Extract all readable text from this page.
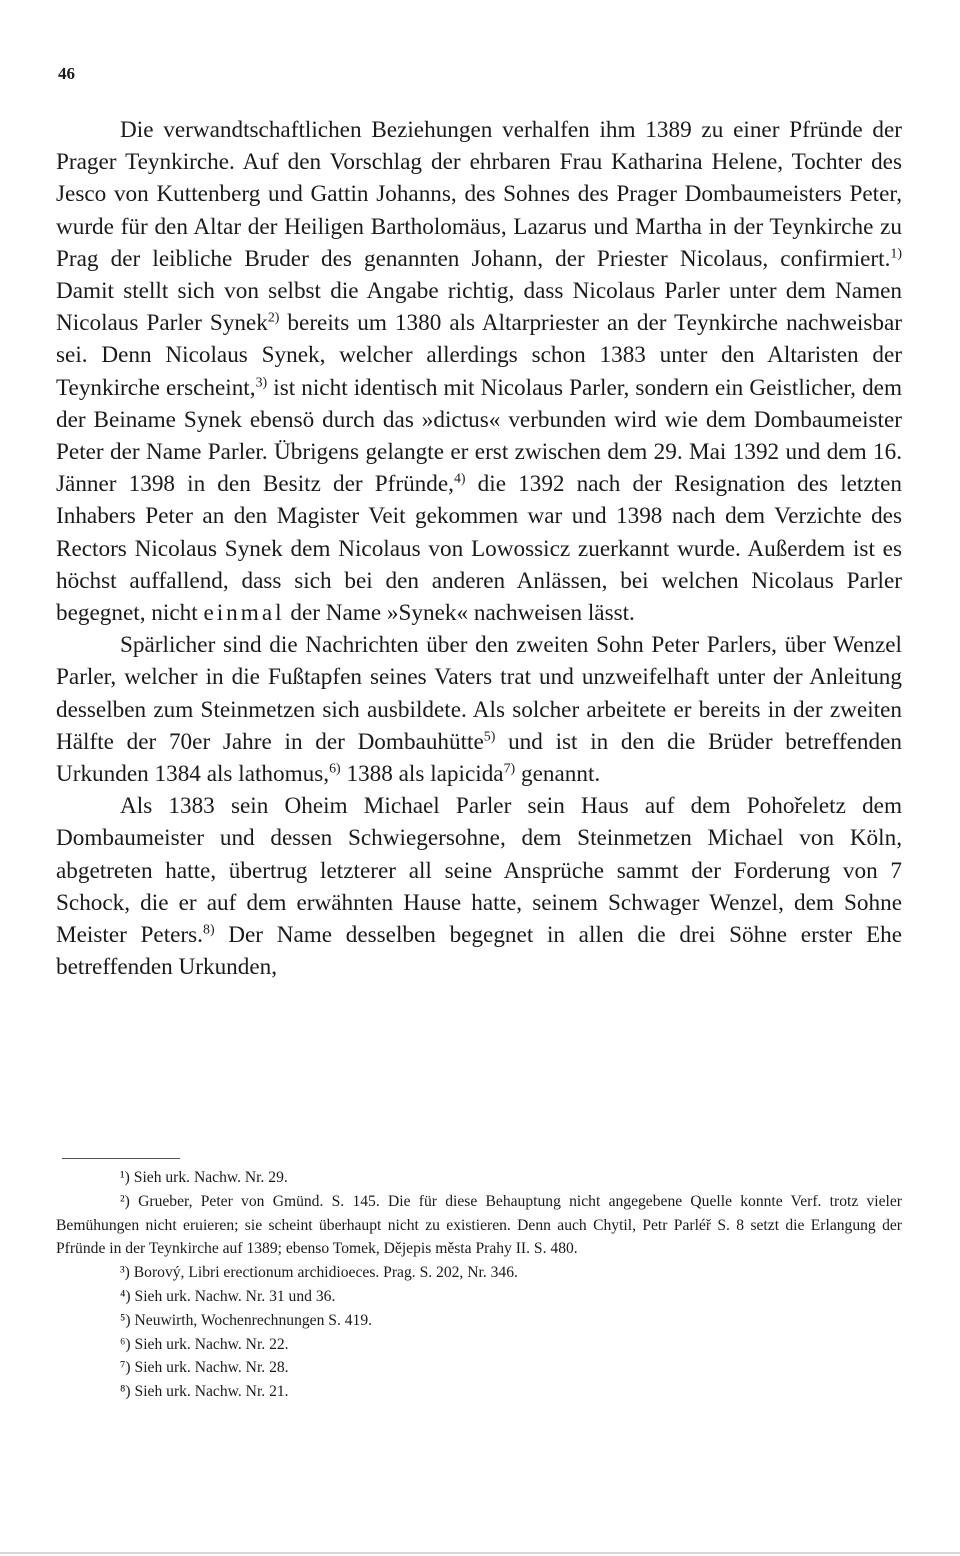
46

Die verwandtschaftlichen Beziehungen verhalfen ihm 1389 zu einer Pfründe der Prager Teynkirche. Auf den Vorschlag der ehrbaren Frau Katharina Helene, Tochter des Jesco von Kuttenberg und Gattin Johanns, des Sohnes des Prager Dombaumeisters Peter, wurde für den Altar der Heiligen Bartholomäus, Lazarus und Martha in der Teynkirche zu Prag der leibliche Bruder des genannten Johann, der Priester Nicolaus, confirmiert.$^{1)}$ Damit stellt sich von selbst die Angabe richtig, dass Nicolaus Parler unter dem Namen Nicolaus Parler Synek$^{2)}$ bereits um 1380 als Altarpriester an der Teynkirche nachweisbar sei. Denn Nicolaus Synek, welcher allerdings schon 1383 unter den Altaristen der Teynkirche erscheint,$^{3)}$ ist nicht identisch mit Nicolaus Parler, sondern ein Geistlicher, dem der Beiname Synek ebensö durch das »dictus« verbunden wird wie dem Dombaumeister Peter der Name Parler. Übrigens gelangte er erst zwischen dem 29. Mai 1392 und dem 16. Jänner 1398 in den Besitz der Pfründe,$^{4)}$ die 1392 nach der Resignation des letzten Inhabers Peter an den Magister Veit gekommen war und 1398 nach dem Verzichte des Rectors Nicolaus Synek dem Nicolaus von Lowossicz zuerkannt wurde. Außerdem ist es höchst auffallend, dass sich bei den anderen Anlässen, bei welchen Nicolaus Parler begegnet, nicht einmal der Name »Synek« nachweisen lässt.

Spärlicher sind die Nachrichten über den zweiten Sohn Peter Parlers, über Wenzel Parler, welcher in die Fußtapfen seines Vaters trat und unzweifelhaft unter der Anleitung desselben zum Steinmetzen sich ausbildete. Als solcher arbeitete er bereits in der zweiten Hälfte der 70er Jahre in der Dombauhütte$^{5)}$ und ist in den die Brüder betreffenden Urkunden 1384 als lathomus,$^{6)}$ 1388 als lapicida$^{7)}$ genannt.

Als 1383 sein Oheim Michael Parler sein Haus auf dem Pohořeletz dem Dombaumeister und dessen Schwiegersohne, dem Steinmetzen Michael von Köln, abgetreten hatte, übertrug letzterer all seine Ansprüche sammt der Forderung von 7 Schock, die er auf dem erwähnten Hause hatte, seinem Schwager Wenzel, dem Sohne Meister Peters.$^{8)}$ Der Name desselben begegnet in allen die drei Söhne erster Ehe betreffenden Urkunden,

¹) Sieh urk. Nachw. Nr. 29.

²) Grueber, Peter von Gmünd. S. 145. Die für diese Behauptung nicht angegebene Quelle konnte Verf. trotz vieler Bemühungen nicht eruieren; sie scheint überhaupt nicht zu existieren. Denn auch Chytil, Petr Parléř S. 8 setzt die Erlangung der Pfründe in der Teynkirche auf 1389; ebenso Tomek, Dějepis města Prahy II. S. 480.

³) Borový, Libri erectionum archidioeces. Prag. S. 202, Nr. 346.

⁴) Sieh urk. Nachw. Nr. 31 und 36.

⁵) Neuwirth, Wochenrechnungen S. 419.

⁶) Sieh urk. Nachw. Nr. 22.

⁷) Sieh urk. Nachw. Nr. 28.

⁸) Sieh urk. Nachw. Nr. 21.
